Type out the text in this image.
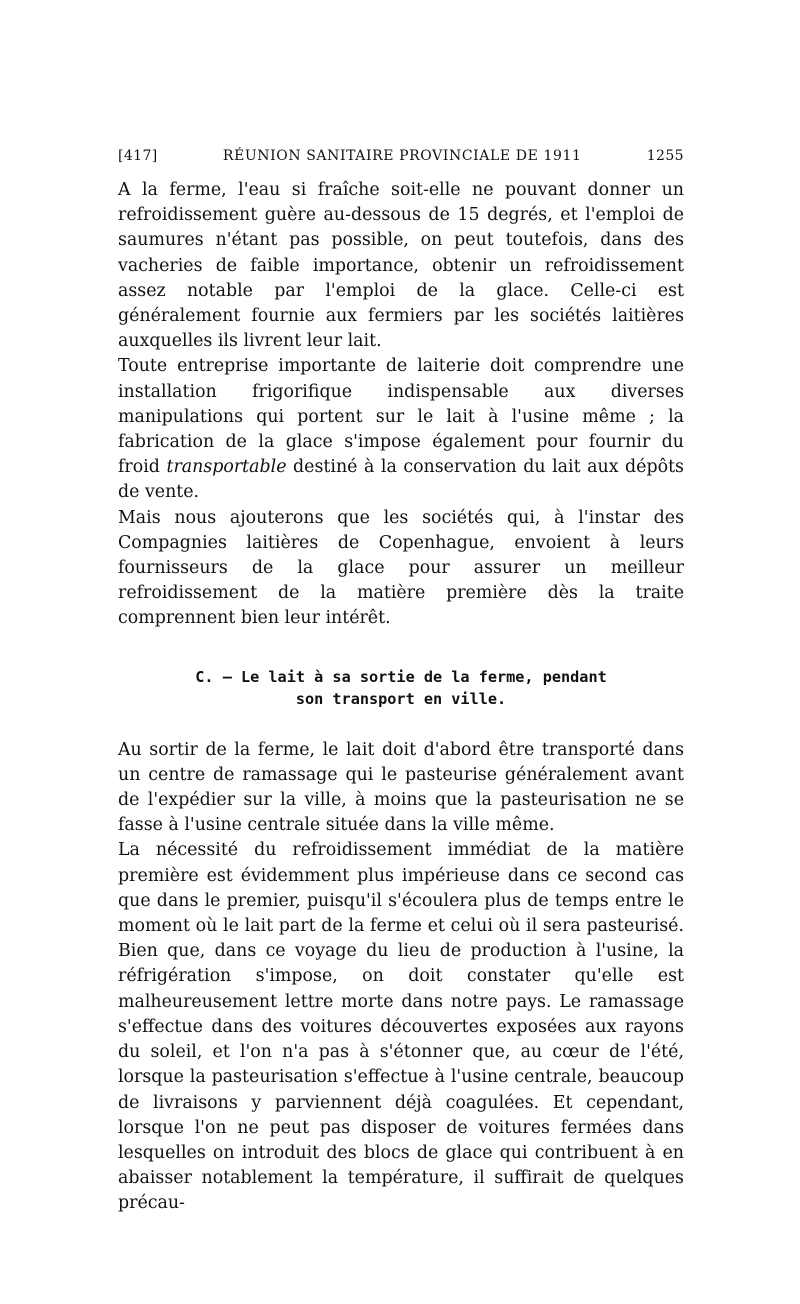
[417]	RÉUNION SANITAIRE PROVINCIALE DE 1911	1255

A la ferme, l'eau si fraîche soit-elle ne pouvant donner un refroidissement guère au-dessous de 15 degrés, et l'emploi de saumures n'étant pas possible, on peut toutefois, dans des vacheries de faible importance, obtenir un refroidissement assez notable par l'emploi de la glace. Celle-ci est généralement fournie aux fermiers par les sociétés laitières auxquelles ils livrent leur lait.

Toute entreprise importante de laiterie doit comprendre une installation frigorifique indispensable aux diverses manipulations qui portent sur le lait à l'usine même ; la fabrication de la glace s'impose également pour fournir du froid transportable destiné à la conservation du lait aux dépôts de vente.

Mais nous ajouterons que les sociétés qui, à l'instar des Compagnies laitières de Copenhague, envoient à leurs fournisseurs de la glace pour assurer un meilleur refroidissement de la matière première dès la traite comprennent bien leur intérêt.

C. — Le lait à sa sortie de la ferme, pendant
son transport en ville.

Au sortir de la ferme, le lait doit d'abord être transporté dans un centre de ramassage qui le pasteurise généralement avant de l'expédier sur la ville, à moins que la pasteurisation ne se fasse à l'usine centrale située dans la ville même.

La nécessité du refroidissement immédiat de la matière première est évidemment plus impérieuse dans ce second cas que dans le premier, puisqu'il s'écoulera plus de temps entre le moment où le lait part de la ferme et celui où il sera pasteurisé. Bien que, dans ce voyage du lieu de production à l'usine, la réfrigération s'impose, on doit constater qu'elle est malheureusement lettre morte dans notre pays. Le ramassage s'effectue dans des voitures découvertes exposées aux rayons du soleil, et l'on n'a pas à s'étonner que, au cœur de l'été, lorsque la pasteurisation s'effectue à l'usine centrale, beaucoup de livraisons y parviennent déjà coagulées. Et cependant, lorsque l'on ne peut pas disposer de voitures fermées dans lesquelles on introduit des blocs de glace qui contribuent à en abaisser notablement la température, il suffirait de quelques précau-
